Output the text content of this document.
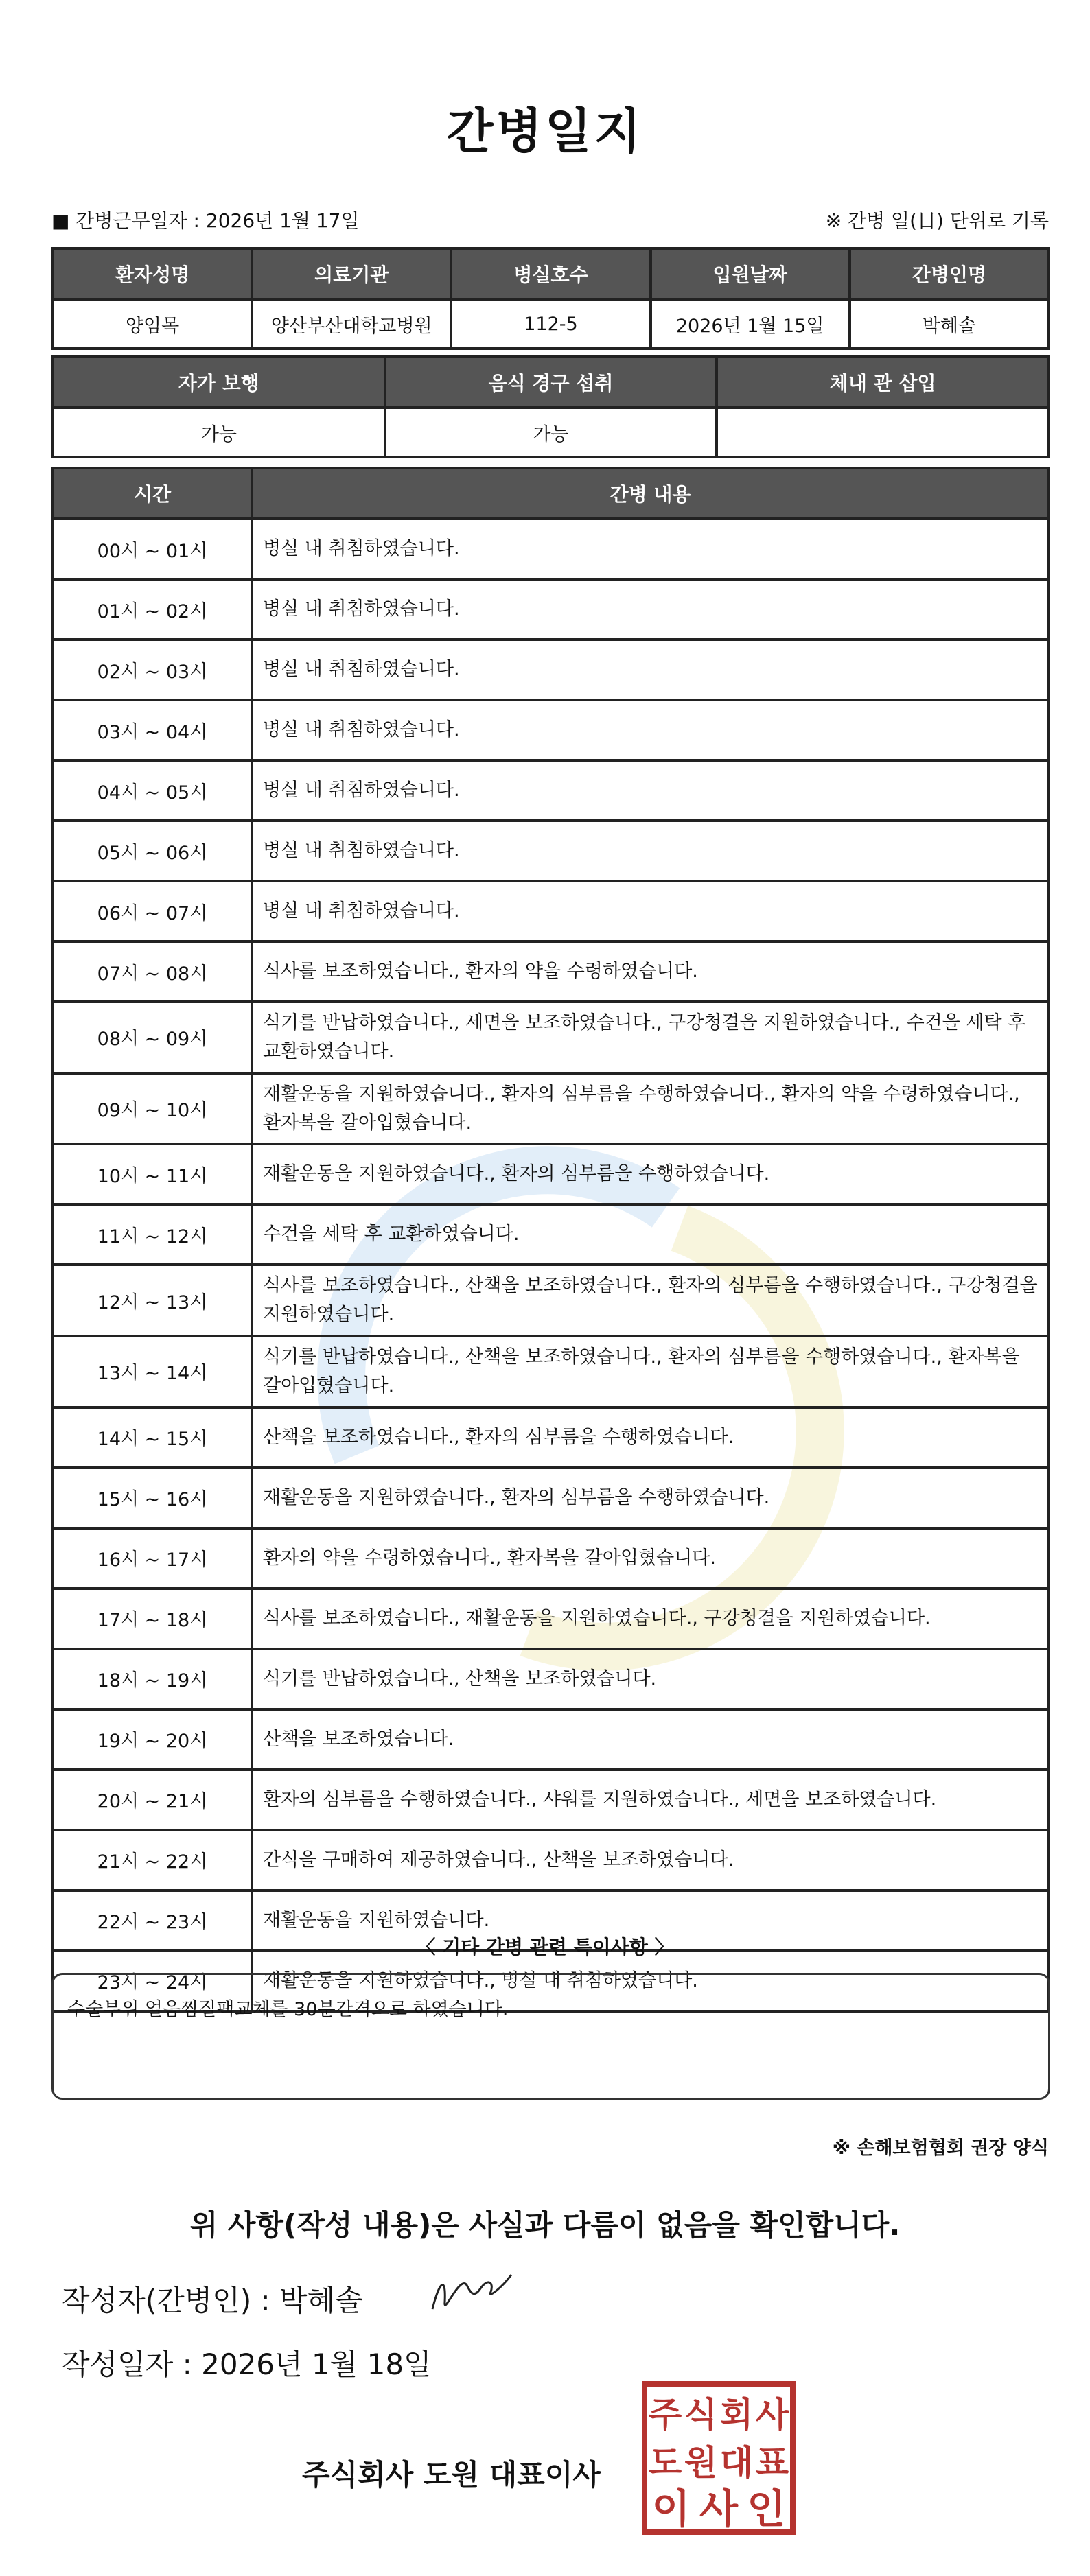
간병일지
■ 간병근무일자 : 2026년 1월 17일	※ 간병 일(日) 단위로 기록
환자성명	의료기관	병실호수	입원날짜	간병인명
양임목	양산부산대학교병원	112-5	2026년 1월 15일	박혜솔
자가 보행	음식 경구 섭취	체내 관 삽입
가능	가능	
시간	간병 내용
00시 ~ 01시	병실 내 취침하였습니다.
01시 ~ 02시	병실 내 취침하였습니다.
02시 ~ 03시	병실 내 취침하였습니다.
03시 ~ 04시	병실 내 취침하였습니다.
04시 ~ 05시	병실 내 취침하였습니다.
05시 ~ 06시	병실 내 취침하였습니다.
06시 ~ 07시	병실 내 취침하였습니다.
07시 ~ 08시	식사를 보조하였습니다., 환자의 약을 수령하였습니다.
08시 ~ 09시	식기를 반납하였습니다., 세면을 보조하였습니다., 구강청결을 지원하였습니다., 수건을 세탁 후 교환하였습니다.
09시 ~ 10시	재활운동을 지원하였습니다., 환자의 심부름을 수행하였습니다., 환자의 약을 수령하였습니다., 환자복을 갈아입혔습니다.
10시 ~ 11시	재활운동을 지원하였습니다., 환자의 심부름을 수행하였습니다.
11시 ~ 12시	수건을 세탁 후 교환하였습니다.
12시 ~ 13시	식사를 보조하였습니다., 산책을 보조하였습니다., 환자의 심부름을 수행하였습니다., 구강청결을 지원하였습니다.
13시 ~ 14시	식기를 반납하였습니다., 산책을 보조하였습니다., 환자의 심부름을 수행하였습니다., 환자복을 갈아입혔습니다.
14시 ~ 15시	산책을 보조하였습니다., 환자의 심부름을 수행하였습니다.
15시 ~ 16시	재활운동을 지원하였습니다., 환자의 심부름을 수행하였습니다.
16시 ~ 17시	환자의 약을 수령하였습니다., 환자복을 갈아입혔습니다.
17시 ~ 18시	식사를 보조하였습니다., 재활운동을 지원하였습니다., 구강청결을 지원하였습니다.
18시 ~ 19시	식기를 반납하였습니다., 산책을 보조하였습니다.
19시 ~ 20시	산책을 보조하였습니다.
20시 ~ 21시	환자의 심부름을 수행하였습니다., 샤워를 지원하였습니다., 세면을 보조하였습니다.
21시 ~ 22시	간식을 구매하여 제공하였습니다., 산책을 보조하였습니다.
22시 ~ 23시	재활운동을 지원하였습니다.
23시 ~ 24시	재활운동을 지원하였습니다., 병실 내 취침하였습니다.
〈 기타 간병 관련 특이사항 〉
수술부위 얼음찜질팩교체를 30분간격으로 하였습니다.
※ 손해보험협회 권장 양식
위 사항(작성 내용)은 사실과 다름이 없음을 확인합니다.
작성자(간병인) : 박혜솔
작성일자 : 2026년 1월 18일
주식회사 도원 대표이사
주 식 회 사
도 원 대 표
이 사 인
